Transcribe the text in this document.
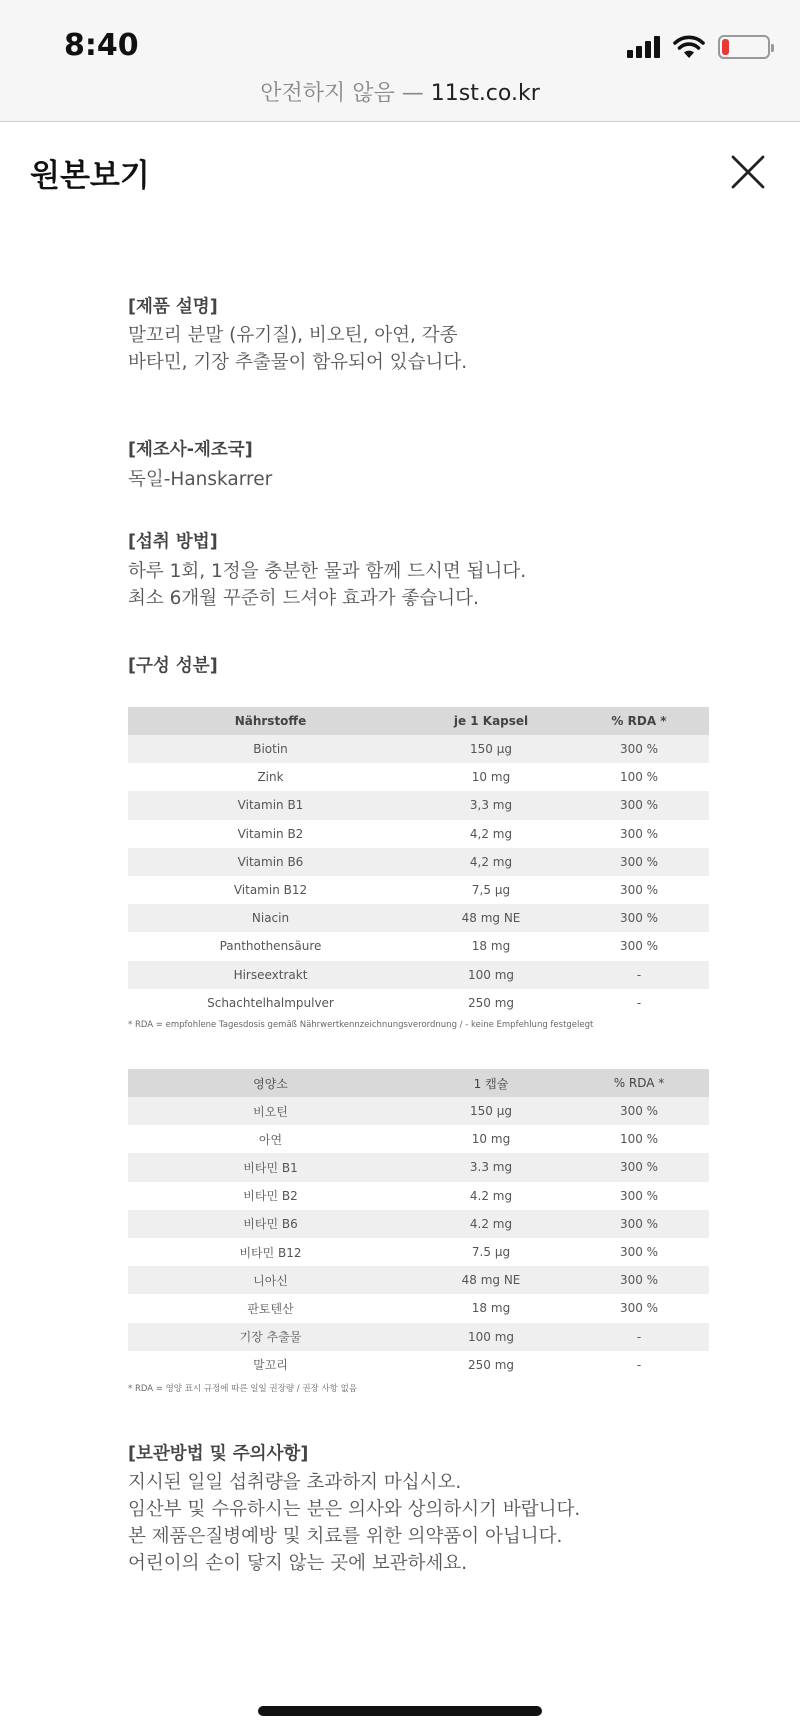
8:40
안전하지 않음 — 11st.co.kr
원본보기
[제품 설명]
말꼬리 분말 (유기질), 비오틴, 아연, 각종
바타민, 기장 추출물이 함유되어 있습니다.
[제조사-제조국]
독일-Hanskarrer
[섭취 방법]
하루 1회, 1정을 충분한 물과 함께 드시면 됩니다.
최소 6개월 꾸준히 드셔야 효과가 좋습니다.
[구성 성분]
Nährstoffe	je 1 Kapsel	% RDA *
Biotin	150 µg	300 %
Zink	10 mg	100 %
Vitamin B1	3,3 mg	300 %
Vitamin B2	4,2 mg	300 %
Vitamin B6	4,2 mg	300 %
Vitamin B12	7,5 µg	300 %
Niacin	48 mg NE	300 %
Panthothensäure	18 mg	300 %
Hirseextrakt	100 mg	-
Schachtelhalmpulver	250 mg	-
* RDA = empfohlene Tagesdosis gemäß Nährwertkennzeichnungsverordnung / - keine Empfehlung festgelegt
영양소	1 캡슐	% RDA *
비오틴	150 µg	300 %
아연	10 mg	100 %
비타민 B1	3.3 mg	300 %
비타민 B2	4.2 mg	300 %
비타민 B6	4.2 mg	300 %
비타민 B12	7.5 µg	300 %
니아신	48 mg NE	300 %
판토텐산	18 mg	300 %
기장 추출물	100 mg	-
말꼬리	250 mg	-
* RDA = 영양 표시 규정에 따른 일일 권장량 / 권장 사항 없음
[보관방법 및 주의사항]
지시된 일일 섭취량을 초과하지 마십시오.
임산부 및 수유하시는 분은 의사와 상의하시기 바랍니다.
본 제품은질병예방 및 치료를 위한 의약품이 아닙니다.
어린이의 손이 닿지 않는 곳에 보관하세요.
